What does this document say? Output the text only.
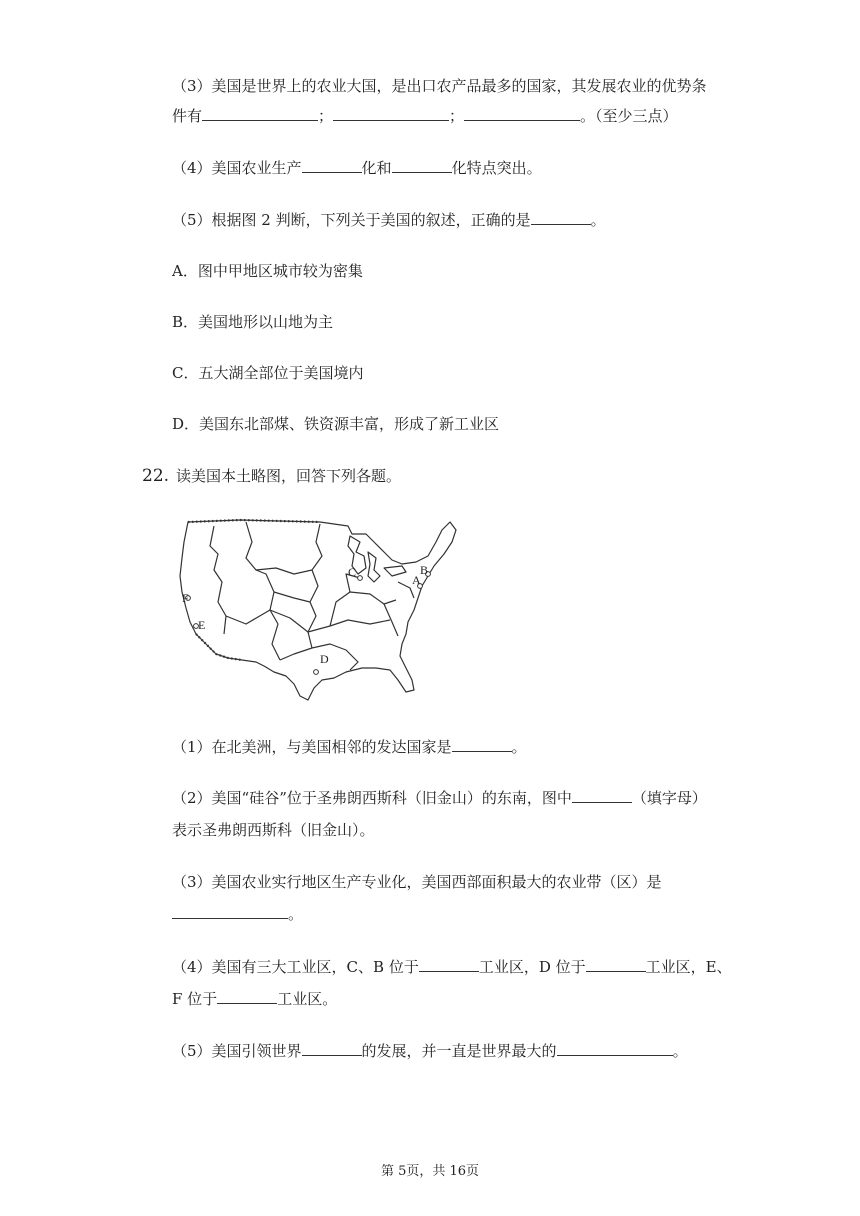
（3）美国是世界上的农业大国，是出口农产品最多的国家，其发展农业的优势条
件有	；	；	。（至少三点）
（4）美国农业生产	化和	化特点突出。
（5）根据图 2 判断，下列关于美国的叙述，正确的是	。
A．图中甲地区城市较为密集
B．美国地形以山地为主
C．五大湖全部位于美国境内
D．美国东北部煤、铁资源丰富，形成了新工业区
22. 读美国本土略图，回答下列各题。
A
B
C
D
E
F
（1）在北美洲，与美国相邻的发达国家是	。
（2）美国“硅谷”位于圣弗朗西斯科（旧金山）的东南，图中	（填字母）
表示圣弗朗西斯科（旧金山）。
（3）美国农业实行地区生产专业化，美国西部面积最大的农业带（区）是
。
（4）美国有三大工业区，C、B 位于	工业区，D 位于	工业区，E、
F 位于	工业区。
（5）美国引领世界	的发展，并一直是世界最大的	。
第 5页，共 16页
